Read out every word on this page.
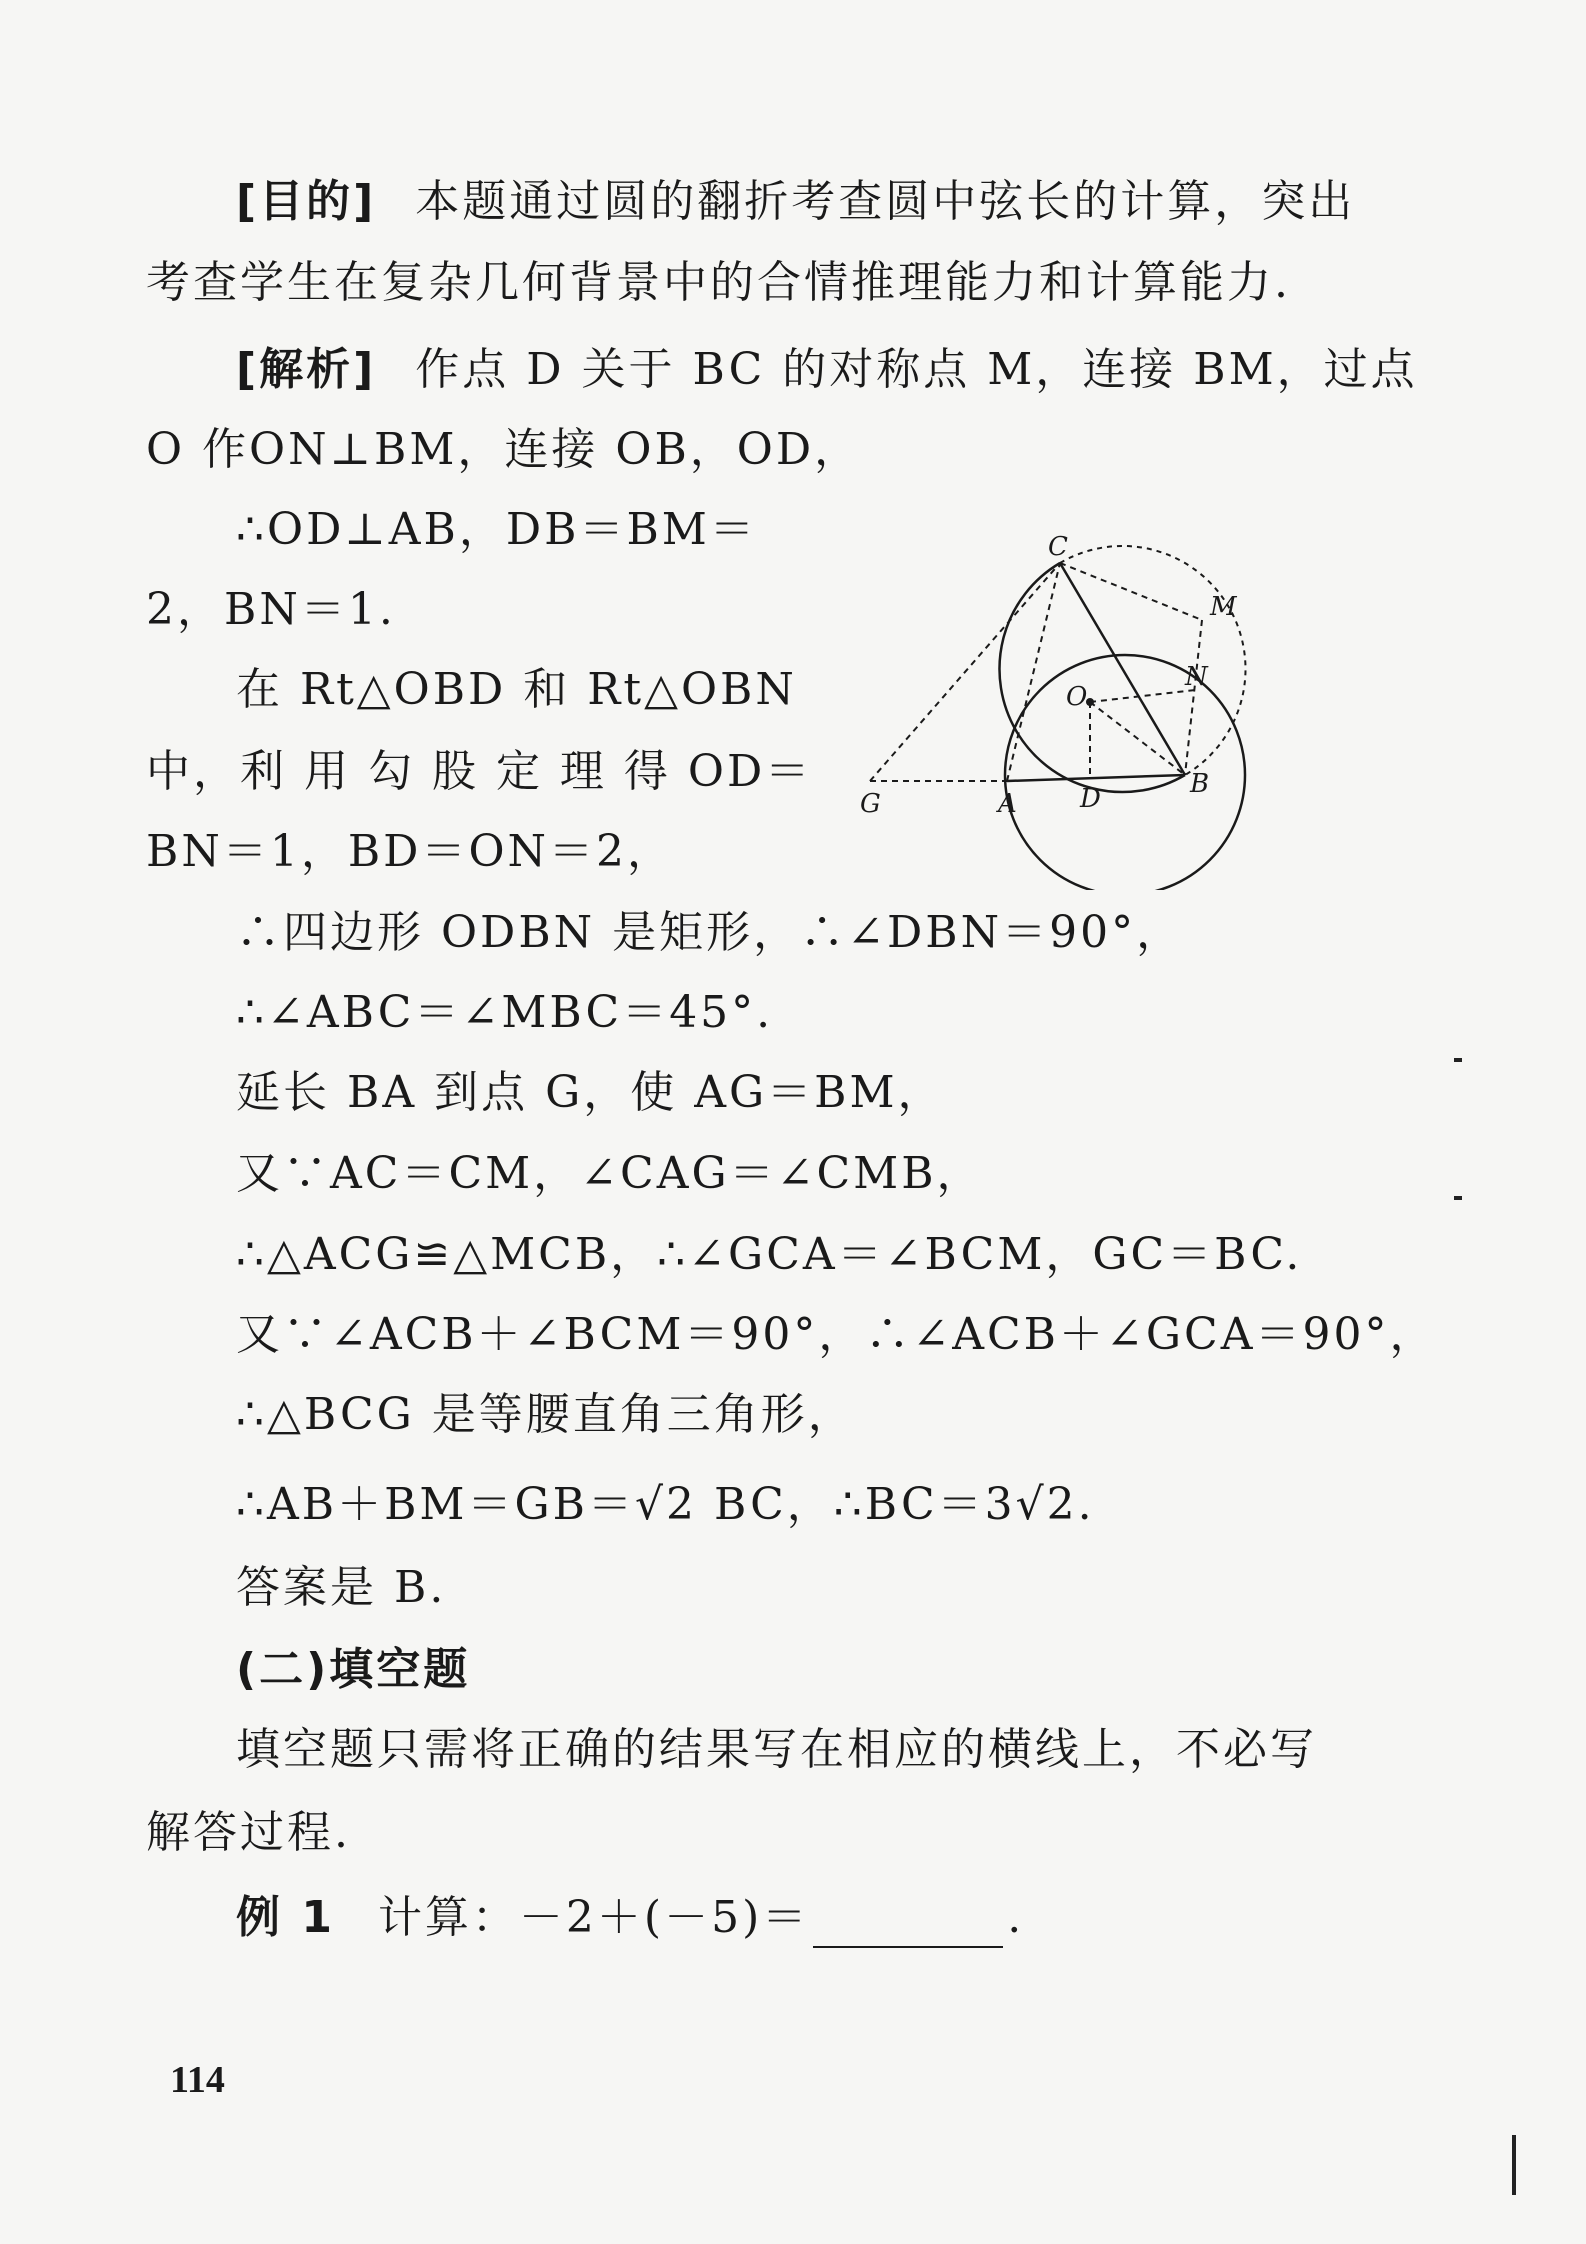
[目的] 本题通过圆的翻折考查圆中弦长的计算，突出
考查学生在复杂几何背景中的合情推理能力和计算能力.
[解析] 作点 D 关于 BC 的对称点 M，连接 BM，过点
O 作ON⊥BM，连接 OB，OD，
∴OD⊥AB，DB＝BM＝
2，BN＝1.
在 Rt△OBD 和 Rt△OBN
中，利 用 勾 股 定 理 得 OD＝
BN＝1，BD＝ON＝2，
∴四边形 ODBN 是矩形，∴∠DBN＝90°，
∴∠ABC＝∠MBC＝45°.
延长 BA 到点 G，使 AG＝BM，
又∵AC＝CM，∠CAG＝∠CMB，
∴△ACG≌△MCB，∴∠GCA＝∠BCM，GC＝BC.
又∵∠ACB＋∠BCM＝90°，∴∠ACB＋∠GCA＝90°，
∴△BCG 是等腰直角三角形，
∴AB＋BM＝GB＝√2 BC，∴BC＝3√2.
答案是 B.
(二)填空题
填空题只需将正确的结果写在相应的横线上，不必写
解答过程.
例 1 计算：－2＋(－5)＝	.
C
M
N
O
G	A D	B
114
